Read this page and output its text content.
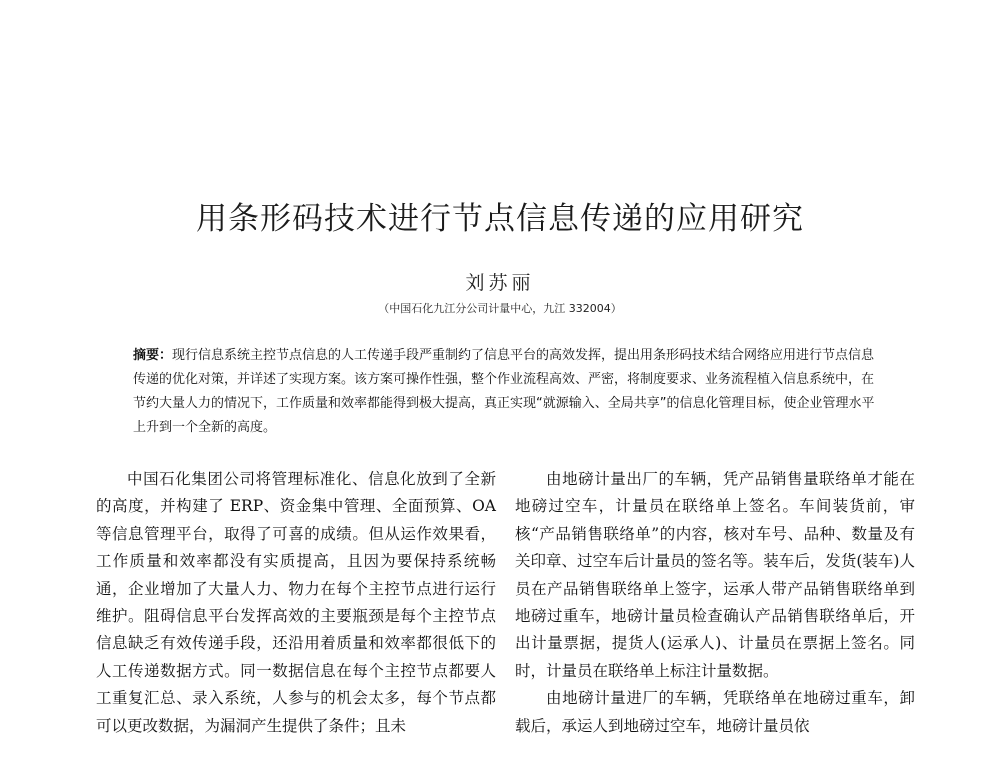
用条形码技术进行节点信息传递的应用研究
刘苏丽
（中国石化九江分公司计量中心，九江 332004）
摘要：现行信息系统主控节点信息的人工传递手段严重制约了信息平台的高效发挥，提出用条形码技术结合网络应用进行节点信息传递的优化对策，并详述了实现方案。该方案可操作性强，整个作业流程高效、严密，将制度要求、业务流程植入信息系统中，在节约大量人力的情况下，工作质量和效率都能得到极大提高，真正实现“就源输入、全局共享”的信息化管理目标，使企业管理水平上升到一个全新的高度。

中国石化集团公司将管理标准化、信息化放到了全新的高度，并构建了 ERP、资金集中管理、全面预算、OA 等信息管理平台，取得了可喜的成绩。但从运作效果看，工作质量和效率都没有实质提高，且因为要保持系统畅通，企业增加了大量人力、物力在每个主控节点进行运行维护。阻碍信息平台发挥高效的主要瓶颈是每个主控节点信息缺乏有效传递手段，还沿用着质量和效率都很低下的人工传递数据方式。同一数据信息在每个主控节点都要人工重复汇总、录入系统，人参与的机会太多，每个节点都可以更改数据，为漏洞产生提供了条件；且未

由地磅计量出厂的车辆，凭产品销售量联络单才能在地磅过空车，计量员在联络单上签名。车间装货前，审核“产品销售联络单”的内容，核对车号、品种、数量及有关印章、过空车后计量员的签名等。装车后，发货(装车)人员在产品销售联络单上签字，运承人带产品销售联络单到地磅过重车，地磅计量员检查确认产品销售联络单后，开出计量票据，提货人(运承人)、计量员在票据上签名。同时，计量员在联络单上标注计量数据。

由地磅计量进厂的车辆，凭联络单在地磅过重车，卸载后，承运人到地磅过空车，地磅计量员依
